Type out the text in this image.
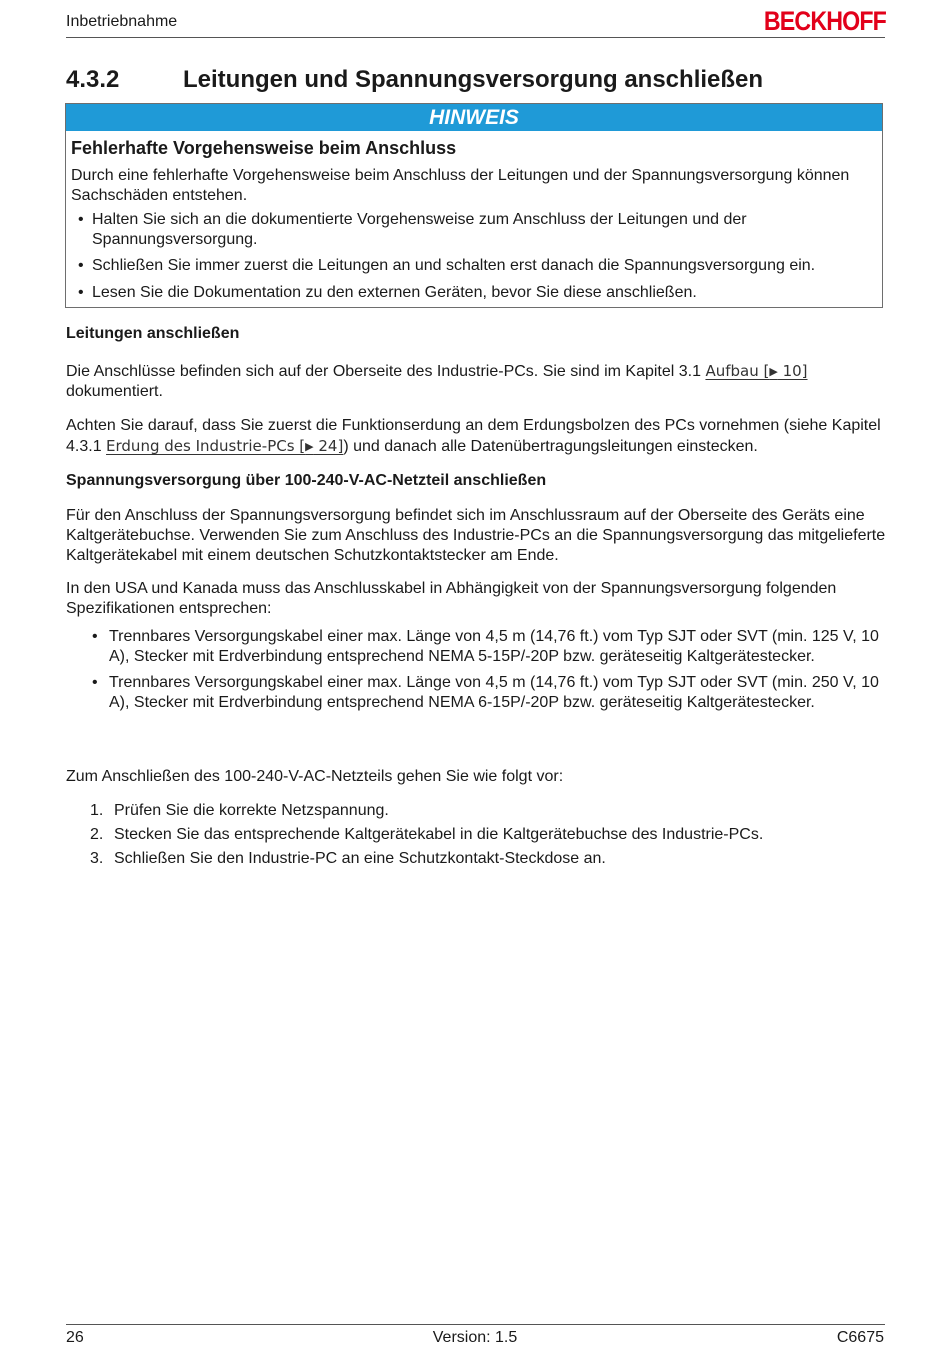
Inbetriebnahme	BECKHOFF
4.3.2	Leitungen und Spannungsversorgung anschließen
HINWEIS
Fehlerhafte Vorgehensweise beim Anschluss
Durch eine fehlerhafte Vorgehensweise beim Anschluss der Leitungen und der Spannungsversorgung können Sachschäden entstehen.
• Halten Sie sich an die dokumentierte Vorgehensweise zum Anschluss der Leitungen und der Spannungsversorgung.
• Schließen Sie immer zuerst die Leitungen an und schalten erst danach die Spannungsversorgung ein.
• Lesen Sie die Dokumentation zu den externen Geräten, bevor Sie diese anschließen.
Leitungen anschließen
Die Anschlüsse befinden sich auf der Oberseite des Industrie-PCs. Sie sind im Kapitel 3.1 Aufbau [▶ 10] dokumentiert.
Achten Sie darauf, dass Sie zuerst die Funktionserdung an dem Erdungsbolzen des PCs vornehmen (siehe Kapitel 4.3.1 Erdung des Industrie-PCs [▶ 24]) und danach alle Datenübertragungsleitungen einstecken.
Spannungsversorgung über 100-240-V-AC-Netzteil anschließen
Für den Anschluss der Spannungsversorgung befindet sich im Anschlussraum auf der Oberseite des Geräts eine Kaltgerätebuchse. Verwenden Sie zum Anschluss des Industrie-PCs an die Spannungsversorgung das mitgelieferte Kaltgerätekabel mit einem deutschen Schutzkontaktstecker am Ende.
In den USA und Kanada muss das Anschlusskabel in Abhängigkeit von der Spannungsversorgung folgenden Spezifikationen entsprechen:
• Trennbares Versorgungskabel einer max. Länge von 4,5 m (14,76 ft.) vom Typ SJT oder SVT (min. 125 V, 10 A), Stecker mit Erdverbindung entsprechend NEMA 5-15P/-20P bzw. geräteseitig Kaltgerätestecker.
• Trennbares Versorgungskabel einer max. Länge von 4,5 m (14,76 ft.) vom Typ SJT oder SVT (min. 250 V, 10 A), Stecker mit Erdverbindung entsprechend NEMA 6-15P/-20P bzw. geräteseitig Kaltgerätestecker.
Zum Anschließen des 100-240-V-AC-Netzteils gehen Sie wie folgt vor:
1. Prüfen Sie die korrekte Netzspannung.
2. Stecken Sie das entsprechende Kaltgerätekabel in die Kaltgerätebuchse des Industrie-PCs.
3. Schließen Sie den Industrie-PC an eine Schutzkontakt-Steckdose an.
26	Version: 1.5	C6675
